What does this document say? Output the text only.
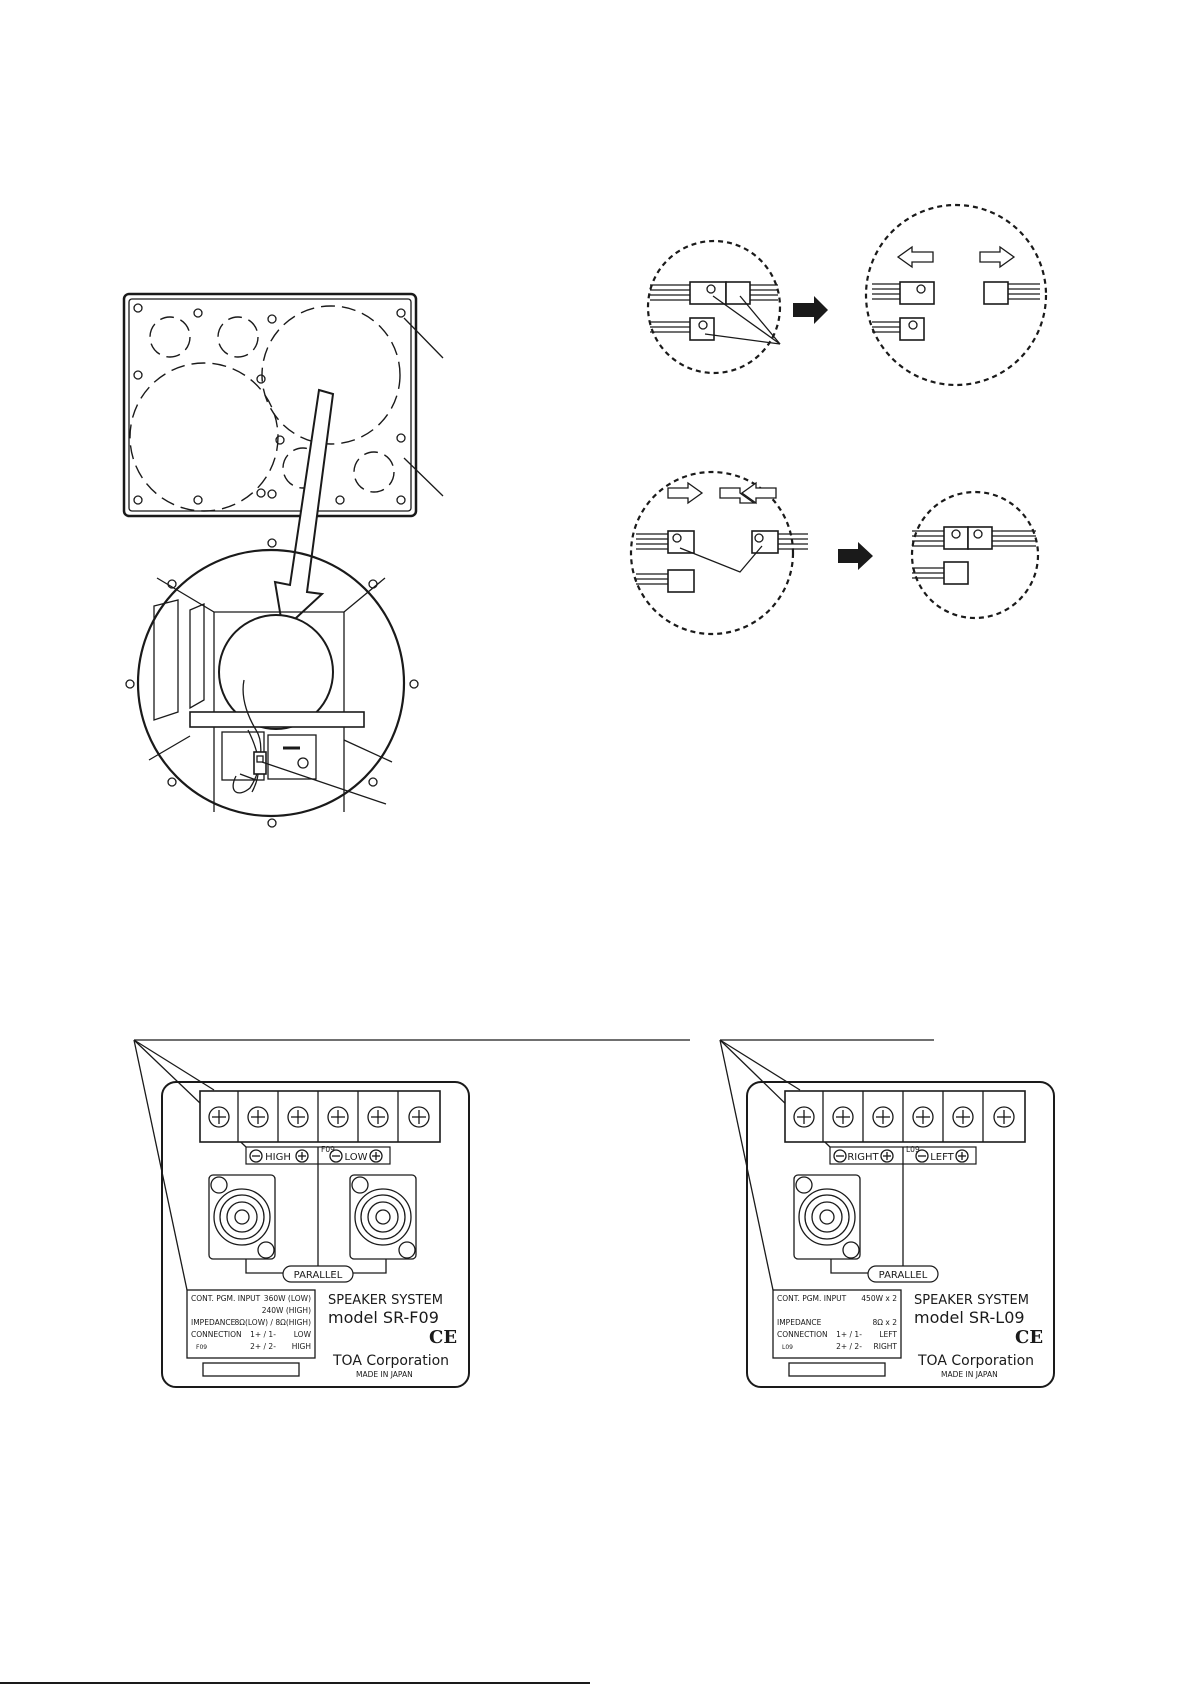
HIGH
F09
LOW
PARALLEL
CONT. PGM. INPUT 360W (LOW)
240W (HIGH)
IMPEDANCE 8Ω(LOW) / 8Ω(HIGH)
CONNECTION 1+ / 1- LOW
F09	2+ / 2- HIGH
SPEAKER SYSTEM
model SR-F09
CE
TOA Corporation
MADE IN JAPAN
RIGHT
L09
LEFT
PARALLEL
CONT. PGM. INPUT 450W x 2
IMPEDANCE	8Ω x 2
CONNECTION 1+ / 1- LEFT
L09	2+ / 2- RIGHT
SPEAKER SYSTEM
model SR-L09
CE
TOA Corporation
MADE IN JAPAN
